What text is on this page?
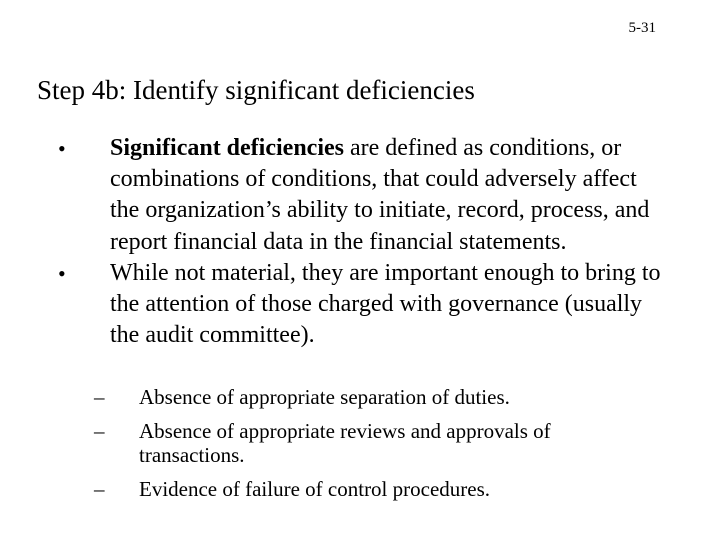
5-31
Step 4b: Identify significant deficiencies
• Significant deficiencies are defined as conditions, or combinations of conditions, that could adversely affect the organization’s ability to initiate, record, process, and report financial data in the financial statements.
• While not material, they are important enough to bring to the attention of those charged with governance (usually the audit committee).
– Absence of appropriate separation of duties.
– Absence of appropriate reviews and approvals of transactions.
– Evidence of failure of control procedures.
